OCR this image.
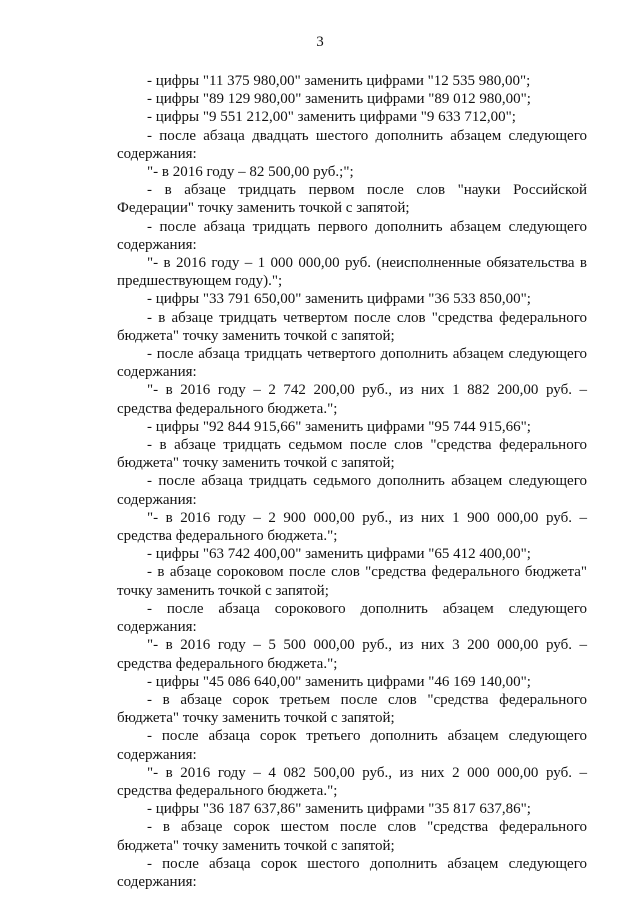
3

- цифры "11 375 980,00" заменить цифрами "12 535 980,00";

- цифры "89 129 980,00" заменить цифрами "89 012 980,00";

- цифры "9 551 212,00" заменить цифрами "9 633 712,00";

- после абзаца двадцать шестого дополнить абзацем следующего содержания:

"- в 2016 году – 82 500,00 руб.;";

- в абзаце тридцать первом после слов "науки Российской Федерации" точку заменить точкой с запятой;

- после абзаца тридцать первого дополнить абзацем следующего содержания:

"- в 2016 году – 1 000 000,00 руб. (неисполненные обязательства в предшествующем году).";

- цифры "33 791 650,00" заменить цифрами "36 533 850,00";

- в абзаце тридцать четвертом после слов "средства федерального бюджета" точку заменить точкой с запятой;

- после абзаца тридцать четвертого дополнить абзацем следующего содержания:

"- в 2016 году – 2 742 200,00 руб., из них 1 882 200,00 руб. – средства федерального бюджета.";

- цифры "92 844 915,66" заменить цифрами "95 744 915,66";

- в абзаце тридцать седьмом после слов "средства федерального бюджета" точку заменить точкой с запятой;

- после абзаца тридцать седьмого дополнить абзацем следующего содержания:

"- в 2016 году – 2 900 000,00 руб., из них 1 900 000,00 руб. – средства федерального бюджета.";

- цифры "63 742 400,00" заменить цифрами "65 412 400,00";

- в абзаце сороковом после слов "средства федерального бюджета" точку заменить точкой с запятой;

- после абзаца сорокового дополнить абзацем следующего содержания:

"- в 2016 году – 5 500 000,00 руб., из них 3 200 000,00 руб. – средства федерального бюджета.";

- цифры "45 086 640,00" заменить цифрами "46 169 140,00";

- в абзаце сорок третьем после слов "средства федерального бюджета" точку заменить точкой с запятой;

- после абзаца сорок третьего дополнить абзацем следующего содержания:

"- в 2016 году – 4 082 500,00 руб., из них 2 000 000,00 руб. – средства федерального бюджета.";

- цифры "36 187 637,86" заменить цифрами "35 817 637,86";

- в абзаце сорок шестом после слов "средства федерального бюджета" точку заменить точкой с запятой;

- после абзаца сорок шестого дополнить абзацем следующего содержания:
